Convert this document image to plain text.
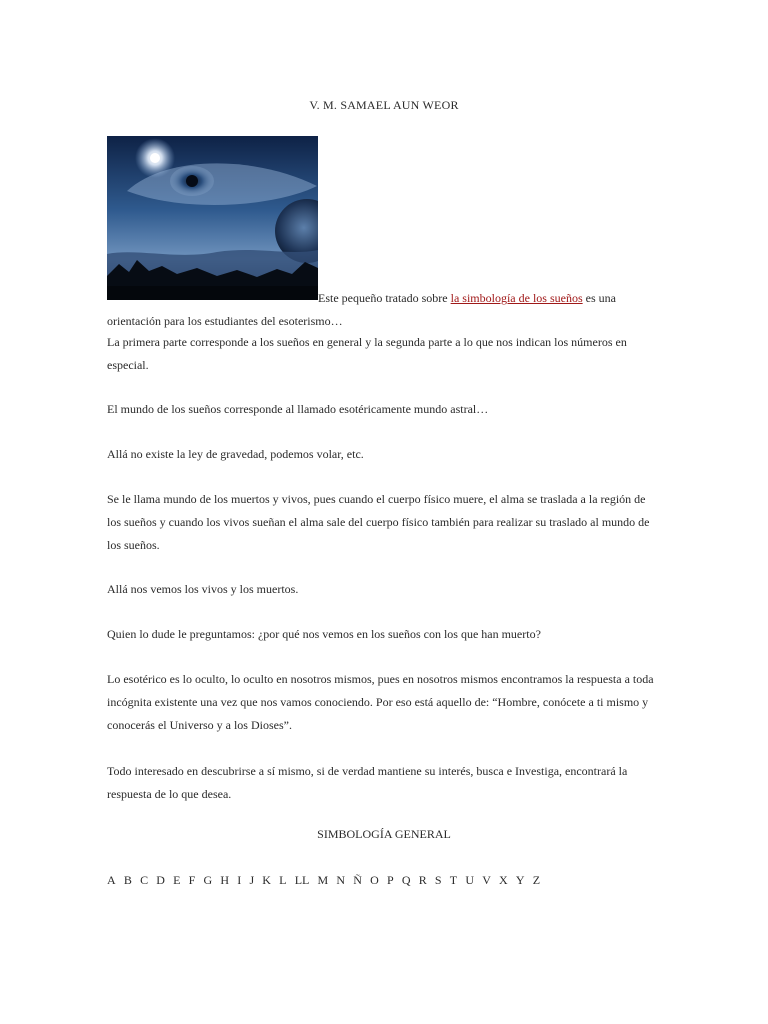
V. M. SAMAEL AUN WEOR
Este pequeño tratado sobre la simbología de los sueños es una

orientación para los estudiantes del esoterismo…

La primera parte corresponde a los sueños en general y la segunda parte a lo que nos indican los números en especial.

El mundo de los sueños corresponde al llamado esotéricamente mundo astral…

Allá no existe la ley de gravedad, podemos volar, etc.

Se le llama mundo de los muertos y vivos, pues cuando el cuerpo físico muere, el alma se traslada a la región de los sueños y cuando los vivos sueñan el alma sale del cuerpo físico también para realizar su traslado al mundo de los sueños.

Allá nos vemos los vivos y los muertos.

Quien lo dude le preguntamos: ¿por qué nos vemos en los sueños con los que han muerto?

Lo esotérico es lo oculto, lo oculto en nosotros mismos, pues en nosotros mismos encontramos la respuesta a toda incógnita existente una vez que nos vamos conociendo. Por eso está aquello de: “Hombre, conócete a ti mismo y conocerás el Universo y a los Dioses”.

Todo interesado en descubrirse a sí mismo, si de verdad mantiene su interés, busca e Investiga, encontrará la respuesta de lo que desea.

SIMBOLOGÍA GENERAL
A B C D E F G H I J K L LL M N Ñ O P Q R S T U V X Y Z
